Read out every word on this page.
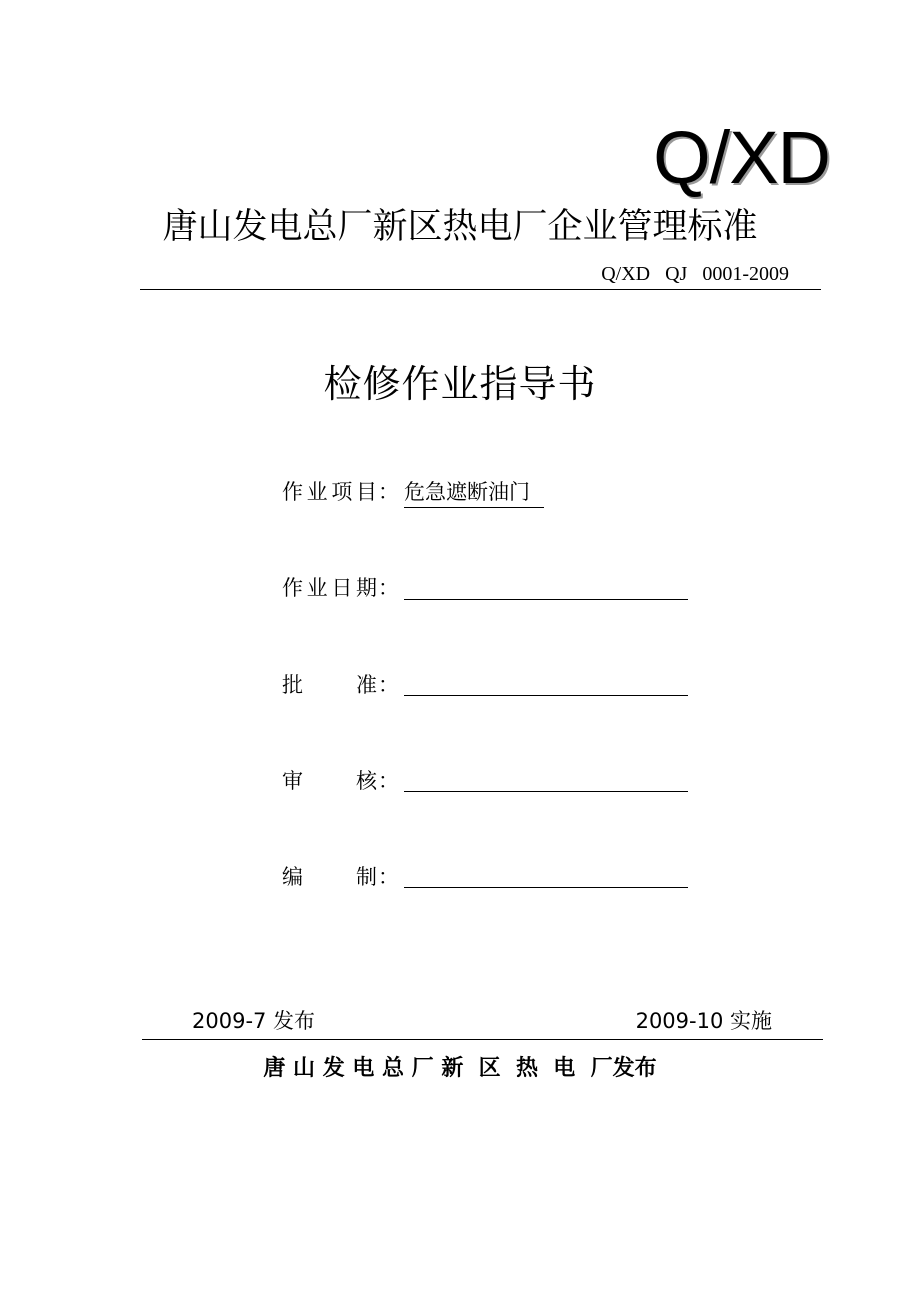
Q/XD
唐山发电总厂新区热电厂企业管理标准
Q/XD   QJ   0001-2009
检修作业指导书
作业项目： 危急遮断油门
作业日期：
批 准：
审 核：
编 制：
2009-7 发布	2009-10 实施
唐 山 发 电 总 厂 新  区  热  电  厂发布
